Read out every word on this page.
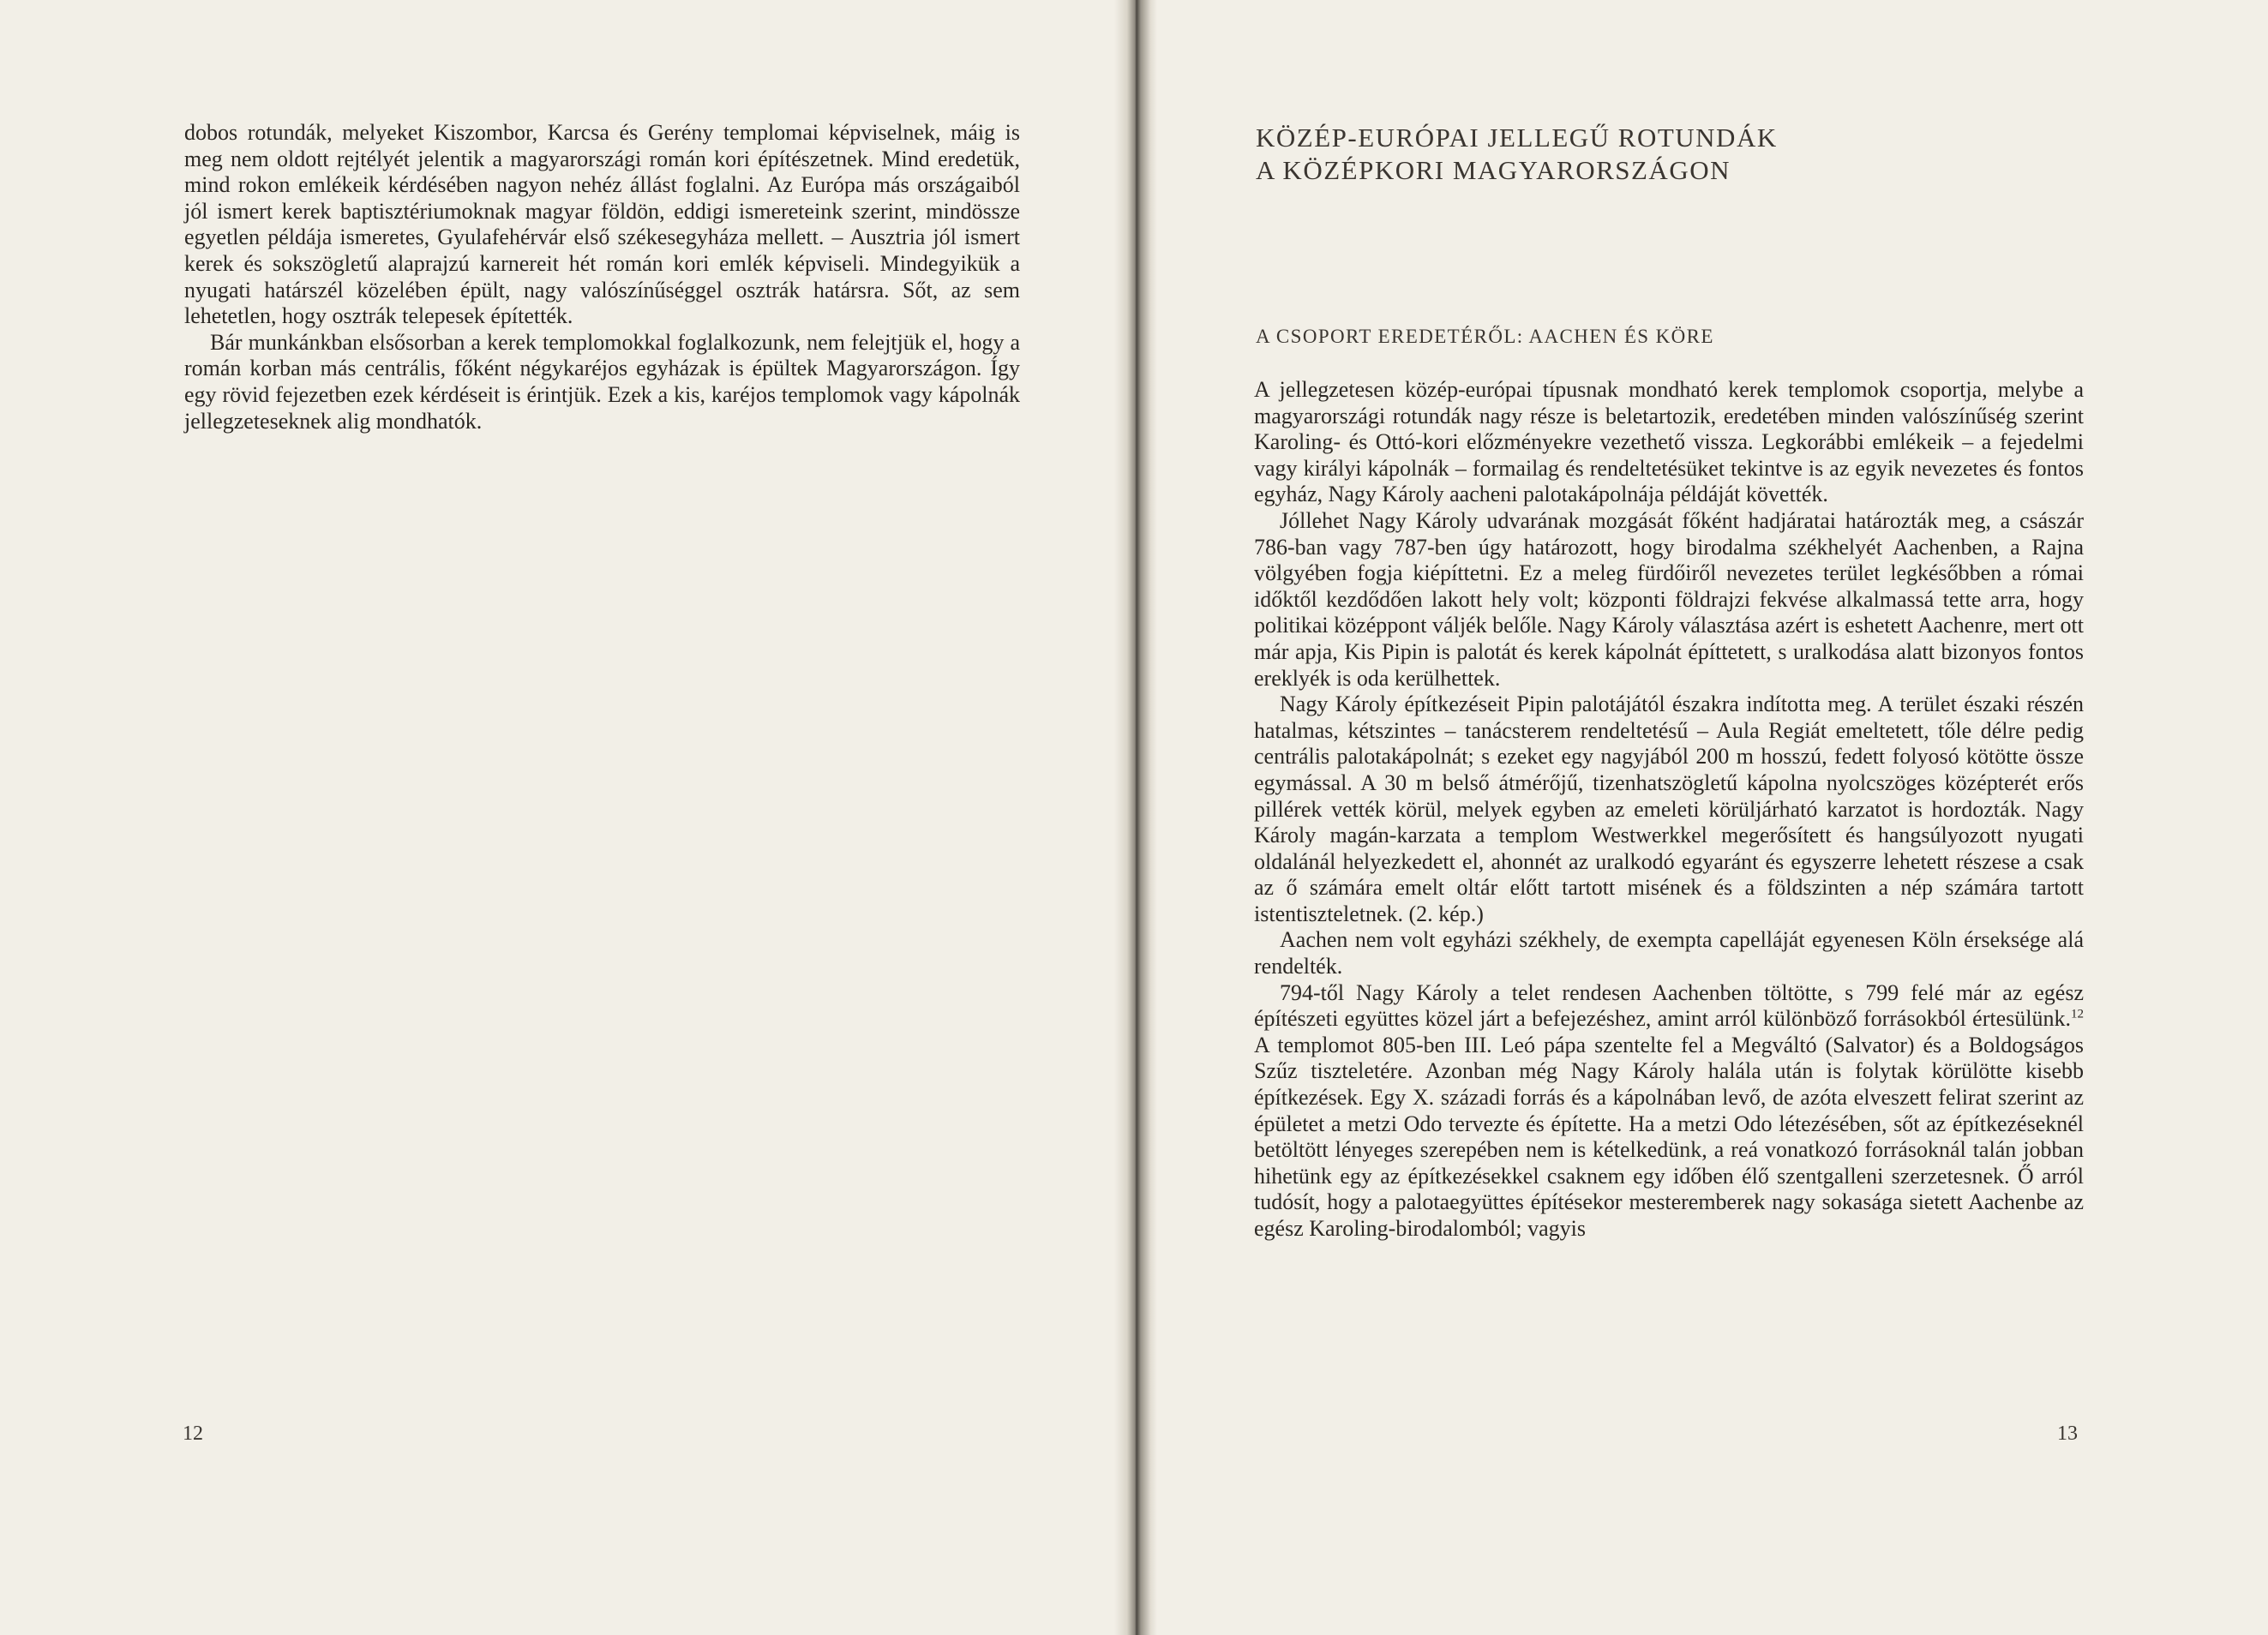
dobos rotundák, melyeket Kiszombor, Karcsa és Gerény templomai képviselnek, máig is meg nem oldott rejtélyét jelentik a magyarországi román kori építészetnek. Mind eredetük, mind rokon emlékeik kérdésében nagyon nehéz állást foglalni. Az Európa más országaiból jól ismert kerek baptisztériumoknak magyar földön, eddigi ismereteink szerint, mindössze egyetlen példája ismeretes, Gyulafehérvár első székesegyháza mellett. – Ausztria jól ismert kerek és sokszögletű alaprajzú karnereit hét román kori emlék képviseli. Mindegyikük a nyugati határszél közelében épült, nagy valószínűséggel osztrák határsra. Sőt, az sem lehetetlen, hogy osztrák telepesek építették.

Bár munkánkban elsősorban a kerek templomokkal foglalkozunk, nem felejtjük el, hogy a román korban más centrális, főként négykaréjos egyházak is épültek Magyarországon. Így egy rövid fejezetben ezek kérdéseit is érintjük. Ezek a kis, karéjos templomok vagy kápolnák jellegzeteseknek alig mondhatók.

12
KÖZÉP-EURÓPAI JELLEGŰ ROTUNDÁK
A KÖZÉPKORI MAGYARORSZÁGON
A CSOPORT EREDETÉRŐL: AACHEN ÉS KÖRE

A jellegzetesen közép-európai típusnak mondható kerek templomok csoportja, melybe a magyarországi rotundák nagy része is beletartozik, eredetében minden valószínűség szerint Karoling- és Ottó-kori előzményekre vezethető vissza. Legkorábbi emlékeik – a fejedelmi vagy királyi kápolnák – formailag és rendeltetésüket tekintve is az egyik nevezetes és fontos egyház, Nagy Károly aacheni palotakápolnája példáját követték.

Jóllehet Nagy Károly udvarának mozgását főként hadjáratai határozták meg, a császár 786-ban vagy 787-ben úgy határozott, hogy birodalma székhelyét Aachenben, a Rajna völgyében fogja kiépíttetni. Ez a meleg fürdőiről nevezetes terület legkésőbben a római időktől kezdődően lakott hely volt; központi földrajzi fekvése alkalmassá tette arra, hogy politikai középpont váljék belőle. Nagy Károly választása azért is eshetett Aachenre, mert ott már apja, Kis Pipin is palotát és kerek kápolnát építtetett, s uralkodása alatt bizonyos fontos ereklyék is oda kerülhettek.

Nagy Károly építkezéseit Pipin palotájától északra indította meg. A terület északi részén hatalmas, kétszintes – tanácsterem rendeltetésű – Aula Regiát emeltetett, tőle délre pedig centrális palotakápolnát; s ezeket egy nagyjából 200 m hosszú, fedett folyosó kötötte össze egymással. A 30 m belső átmérőjű, tizenhatszögletű kápolna nyolcszöges középterét erős pillérek vették körül, melyek egyben az emeleti körüljárható karzatot is hordozták. Nagy Károly magán-karzata a templom Westwerkkel megerősített és hangsúlyozott nyugati oldalánál helyezkedett el, ahonnét az uralkodó egyaránt és egyszerre lehetett részese a csak az ő számára emelt oltár előtt tartott misének és a földszinten a nép számára tartott istentiszteletnek. (2. kép.)

Aachen nem volt egyházi székhely, de exempta capelláját egyenesen Köln érseksége alá rendelték.

794-től Nagy Károly a telet rendesen Aachenben töltötte, s 799 felé már az egész építészeti együttes közel járt a befejezéshez, amint arról különböző forrásokból értesülünk.$^{12}$ A templomot 805-ben III. Leó pápa szentelte fel a Megváltó (Salvator) és a Boldogságos Szűz tiszteletére. Azonban még Nagy Károly halála után is folytak körülötte kisebb építkezések. Egy X. századi forrás és a kápolnában levő, de azóta elveszett felirat szerint az épületet a metzi Odo tervezte és építette. Ha a metzi Odo létezésében, sőt az építkezéseknél betöltött lényeges szerepében nem is kételkedünk, a reá vonatkozó forrásoknál talán jobban hihetünk egy az építkezésekkel csaknem egy időben élő szentgalleni szerzetesnek. Ő arról tudósít, hogy a palotaegyüttes építésekor mesteremberek nagy sokasága sietett Aachenbe az egész Karoling-birodalomból; vagyis

13
